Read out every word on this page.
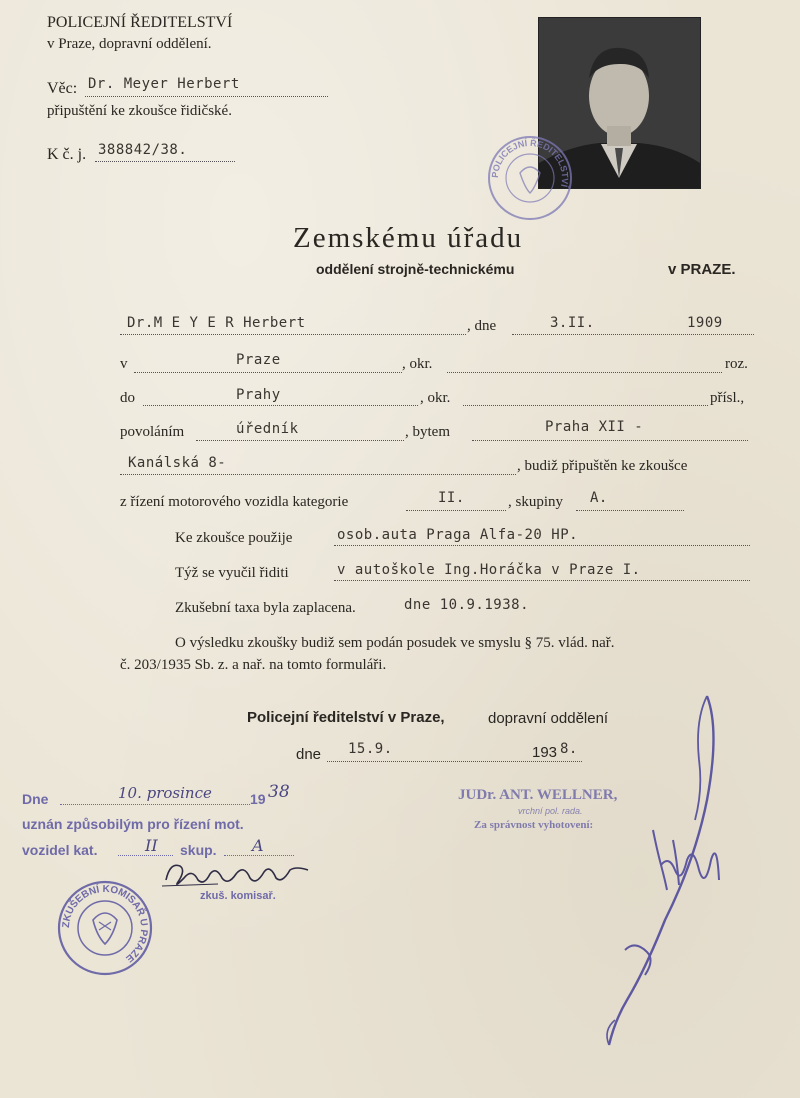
POLICEJNÍ ŘEDITELSTVÍ
v Praze, dopravní oddělení.
Věc: Dr. Meyer Herbert
připuštění ke zkoušce řidičské.
K č. j. 388842/38.
POLICEJNÍ ŘEDITELSTVÍ
Zemskému úřadu
oddělení strojně-technickému	v PRAZE.
Dr.M E Y E R Herbert	, dne	3.II.	1909
v	Praze	, okr.	roz.
do	Prahy	, okr.	přísl.,
povoláním	úředník	, bytem	Praha XII -
Kanálská 8-	, budiž připuštěn ke zkoušce
z řízení motorového vozidla kategorie	II.	, skupiny A.
Ke zkoušce použije	osob.auta Praga Alfa-20 HP.
Týž se vyučil řiditi	v autoškole Ing.Horáčka v Praze I.
Zkušební taxa byla zaplacena.	dne 10.9.1938.
O výsledku zkoušky budiž sem podán posudek ve smyslu § 75. vlád. nař.
č. 203/1935 Sb. z. a nař. na tomto formuláři.
Policejní ředitelství v Praze,	dopravní oddělení
dne 15.9.	193 8.
Dne	10. prosince	19 38
uznán způsobilým pro řízení mot.
vozidel kat.	II skup. A
zkuš. komisař.
ZKUŠEBNÍ KOMISAŘ U PRAZE
JUDr. ANT. WELLNER,
vrchní pol. rada.
Za správnost vyhotovení:
